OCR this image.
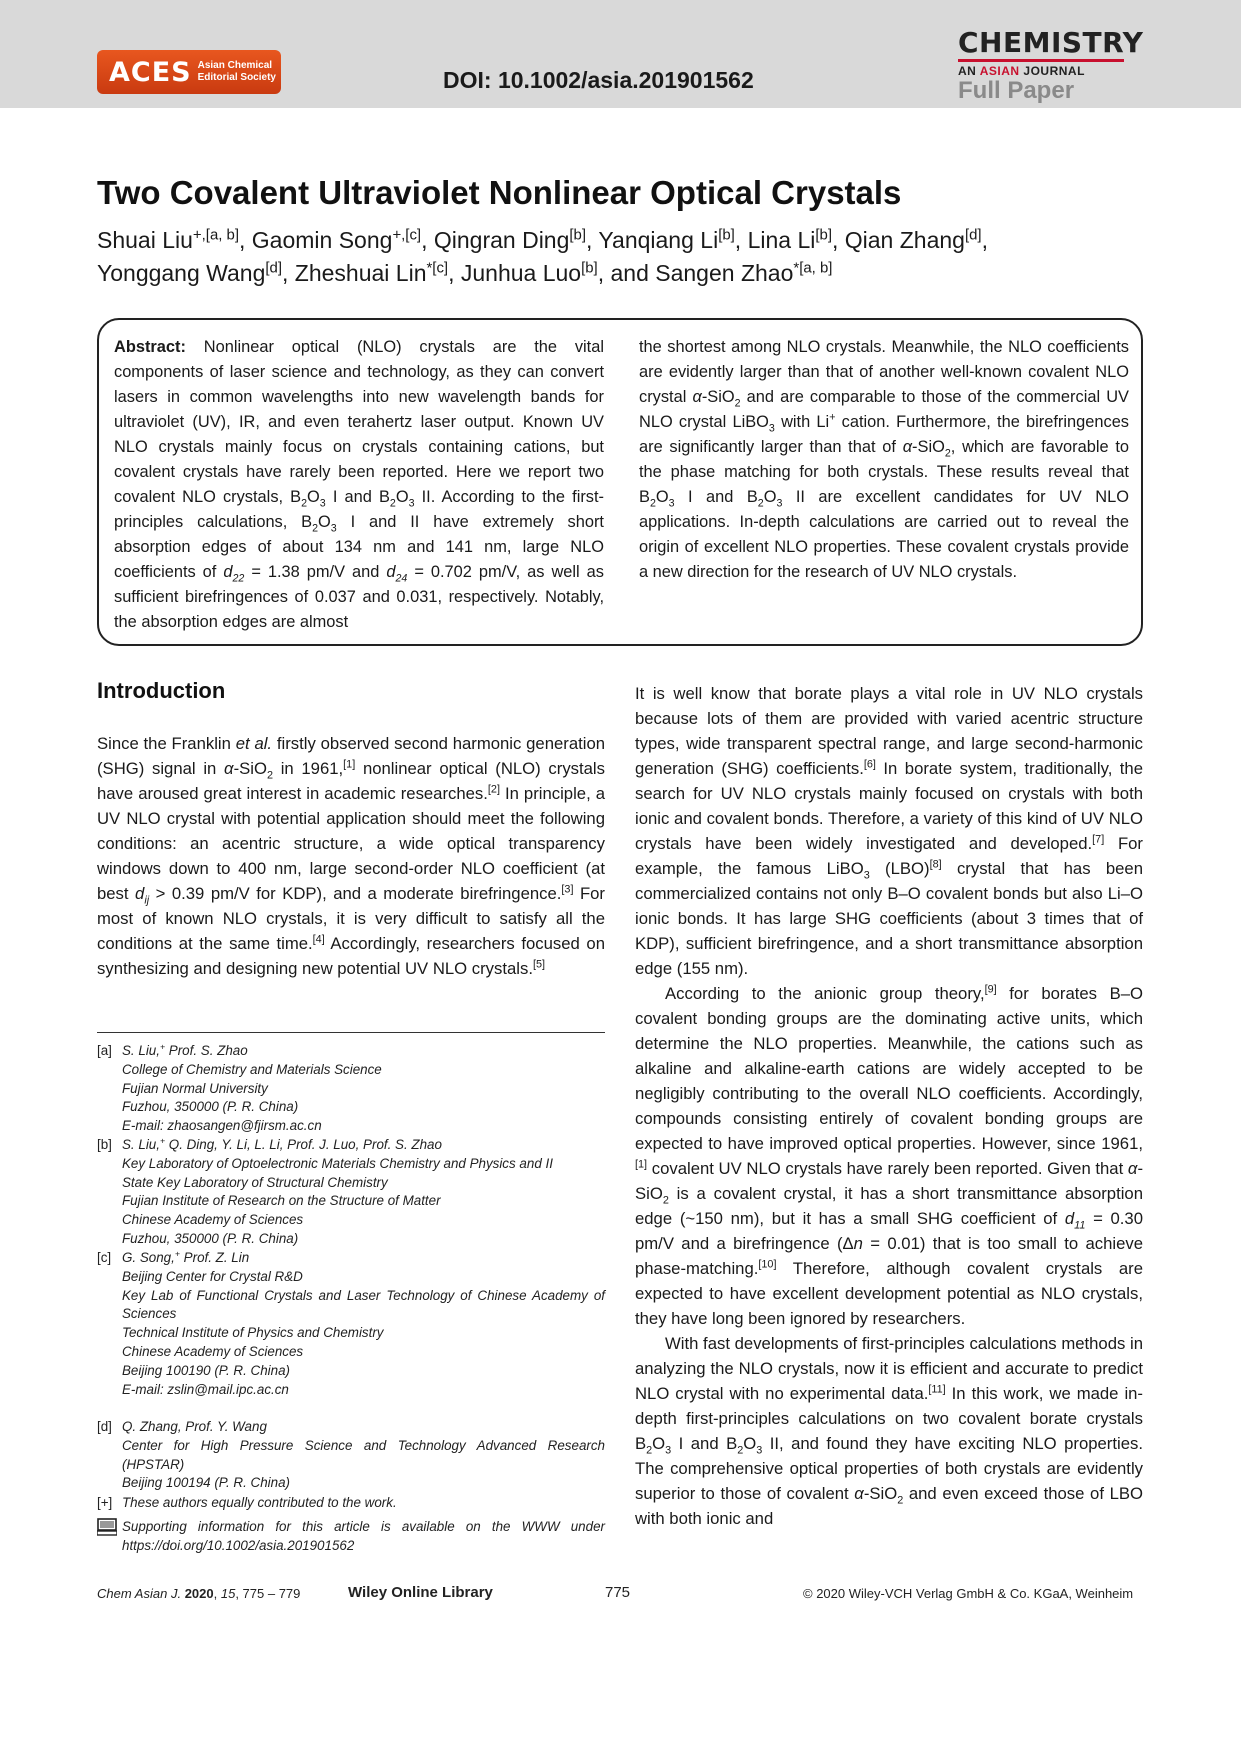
ACES Asian Chemical
Editorial Society	DOI: 10.1002/asia.201901562
CHEMISTRY
AN ASIAN JOURNAL
Full Paper
Two Covalent Ultraviolet Nonlinear Optical Crystals
Shuai Liu$^{+,[a, b]}$, Gaomin Song$^{+,[c]}$, Qingran Ding[b], Yanqiang Li[b], Lina Li[b], Qian Zhang[d],
Yonggang Wang[d], Zheshuai Lin$^{*[c]}$, Junhua Luo[b], and Sangen Zhao$^{*[a, b]}$
Abstract: Nonlinear optical (NLO) crystals are the vital components of laser science and technology, as they can convert lasers in common wavelengths into new wavelength bands for ultraviolet (UV), IR, and even terahertz laser output. Known UV NLO crystals mainly focus on crystals containing cations, but covalent crystals have rarely been reported. Here we report two covalent NLO crystals, $B_2O_3$ I and $B_2O_3$ II. According to the first-principles calculations, $B_2O_3$ I and II have extremely short absorption edges of about 134 nm and 141 nm, large NLO coefficients of $d_{22} = 1.38$ pm/V and $d_{24} = 0.702$ pm/V, as well as sufficient birefringences of 0.037 and 0.031, respectively. Notably, the absorption edges are almost
the shortest among NLO crystals. Meanwhile, the NLO coefficients are evidently larger than that of another well-known covalent NLO crystal α-SiO$_2$ and are comparable to those of the commercial UV NLO crystal LiBO$_3$ with Li+ cation. Furthermore, the birefringences are significantly larger than that of α-SiO$_2$, which are favorable to the phase matching for both crystals. These results reveal that $B_2O_3$ I and $B_2O_3$ II are excellent candidates for UV NLO applications. In-depth calculations are carried out to reveal the origin of excellent NLO properties. These covalent crystals provide a new direction for the research of UV NLO crystals.
Introduction

Since the Franklin et al. firstly observed second harmonic generation (SHG) signal in α-SiO$_2$ in 1961,[1] nonlinear optical (NLO) crystals have aroused great interest in academic researches.[2] In principle, a UV NLO crystal with potential application should meet the following conditions: an acentric structure, a wide optical transparency windows down to 400 nm, large second-order NLO coefficient (at best $d_{ij} > 0.39$ pm/V for KDP), and a moderate birefringence.[3] For most of known NLO crystals, it is very difficult to satisfy all the conditions at the same time.[4] Accordingly, researchers focused on synthesizing and designing new potential UV NLO crystals.[5]

[a] S. Liu,+ Prof. S. Zhao
College of Chemistry and Materials Science
Fujian Normal University
Fuzhou, 350000 (P. R. China)
E-mail: zhaosangen@fjirsm.ac.cn
[b] S. Liu,+ Q. Ding, Y. Li, L. Li, Prof. J. Luo, Prof. S. Zhao
Key Laboratory of Optoelectronic Materials Chemistry and Physics and II
State Key Laboratory of Structural Chemistry
Fujian Institute of Research on the Structure of Matter
Chinese Academy of Sciences
Fuzhou, 350000 (P. R. China)
[c] G. Song,+ Prof. Z. Lin
Beijing Center for Crystal R&D
Key Lab of Functional Crystals and Laser Technology of Chinese Academy of Sciences
Technical Institute of Physics and Chemistry
Chinese Academy of Sciences
Beijing 100190 (P. R. China)
E-mail: zslin@mail.ipc.ac.cn
[d] Q. Zhang, Prof. Y. Wang
Center for High Pressure Science and Technology Advanced Research (HPSTAR)
Beijing 100194 (P. R. China)
[+] These authors equally contributed to the work.
Supporting information for this article is available on the WWW under https://doi.org/10.1002/asia.201901562

It is well know that borate plays a vital role in UV NLO crystals because lots of them are provided with varied acentric structure types, wide transparent spectral range, and large second-harmonic generation (SHG) coefficients.[6] In borate system, traditionally, the search for UV NLO crystals mainly focused on crystals with both ionic and covalent bonds. Therefore, a variety of this kind of UV NLO crystals have been widely investigated and developed.[7] For example, the famous LiBO$_3$ (LBO)[8] crystal that has been commercialized contains not only B–O covalent bonds but also Li–O ionic bonds. It has large SHG coefficients (about 3 times that of KDP), sufficient birefringence, and a short transmittance absorption edge (155 nm).

According to the anionic group theory,[9] for borates B–O covalent bonding groups are the dominating active units, which determine the NLO properties. Meanwhile, the cations such as alkaline and alkaline-earth cations are widely accepted to be negligibly contributing to the overall NLO coefficients. Accordingly, compounds consisting entirely of covalent bonding groups are expected to have improved optical properties. However, since 1961,[1] covalent UV NLO crystals have rarely been reported. Given that α-SiO$_2$ is a covalent crystal, it has a short transmittance absorption edge (~150 nm), but it has a small SHG coefficient of $d_{11} = 0.30$ pm/V and a birefringence (Δn = 0.01) that is too small to achieve phase-matching.[10] Therefore, although covalent crystals are expected to have excellent development potential as NLO crystals, they have long been ignored by researchers.

With fast developments of first-principles calculations methods in analyzing the NLO crystals, now it is efficient and accurate to predict NLO crystal with no experimental data.[11] In this work, we made in-depth first-principles calculations on two covalent borate crystals $B_2O_3$ I and $B_2O_3$ II, and found they have exciting NLO properties. The comprehensive optical properties of both crystals are evidently superior to those of covalent α-SiO$_2$ and even exceed those of LBO with both ionic and

Chem Asian J. 2020, 15, 775 – 779	Wiley Online Library	775	© 2020 Wiley-VCH Verlag GmbH & Co. KGaA, Weinheim
